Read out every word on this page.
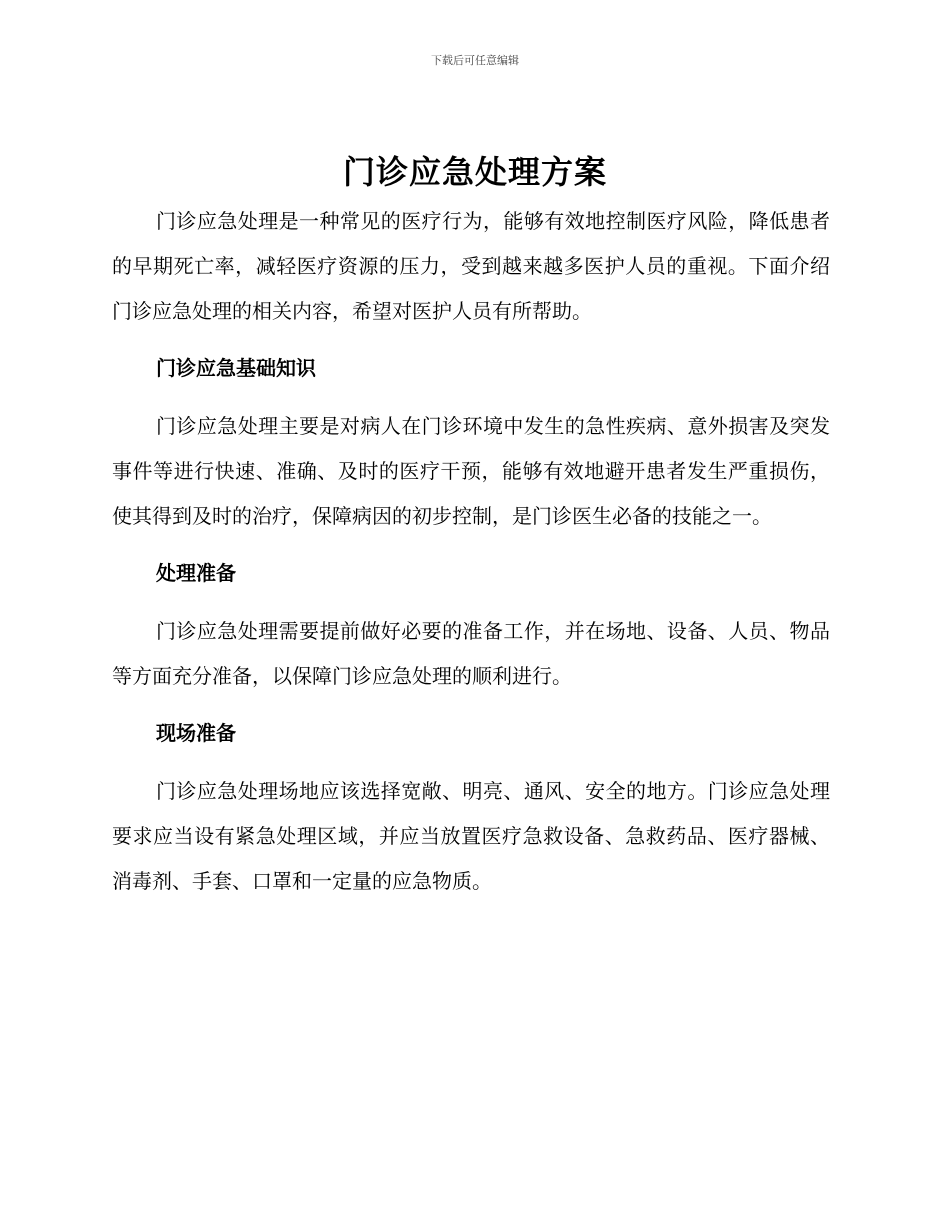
下载后可任意编辑
门诊应急处理方案

门诊应急处理是一种常见的医疗行为，能够有效地控制医疗风险，降低患者的早期死亡率，减轻医疗资源的压力，受到越来越多医护人员的重视。下面介绍门诊应急处理的相关内容，希望对医护人员有所帮助。

门诊应急基础知识

门诊应急处理主要是对病人在门诊环境中发生的急性疾病、意外损害及突发事件等进行快速、准确、及时的医疗干预，能够有效地避开患者发生严重损伤，使其得到及时的治疗，保障病因的初步控制，是门诊医生必备的技能之一。

处理准备

门诊应急处理需要提前做好必要的准备工作，并在场地、设备、人员、物品等方面充分准备，以保障门诊应急处理的顺利进行。

现场准备

门诊应急处理场地应该选择宽敞、明亮、通风、安全的地方。门诊应急处理要求应当设有紧急处理区域，并应当放置医疗急救设备、急救药品、医疗器械、消毒剂、手套、口罩和一定量的应急物质。
